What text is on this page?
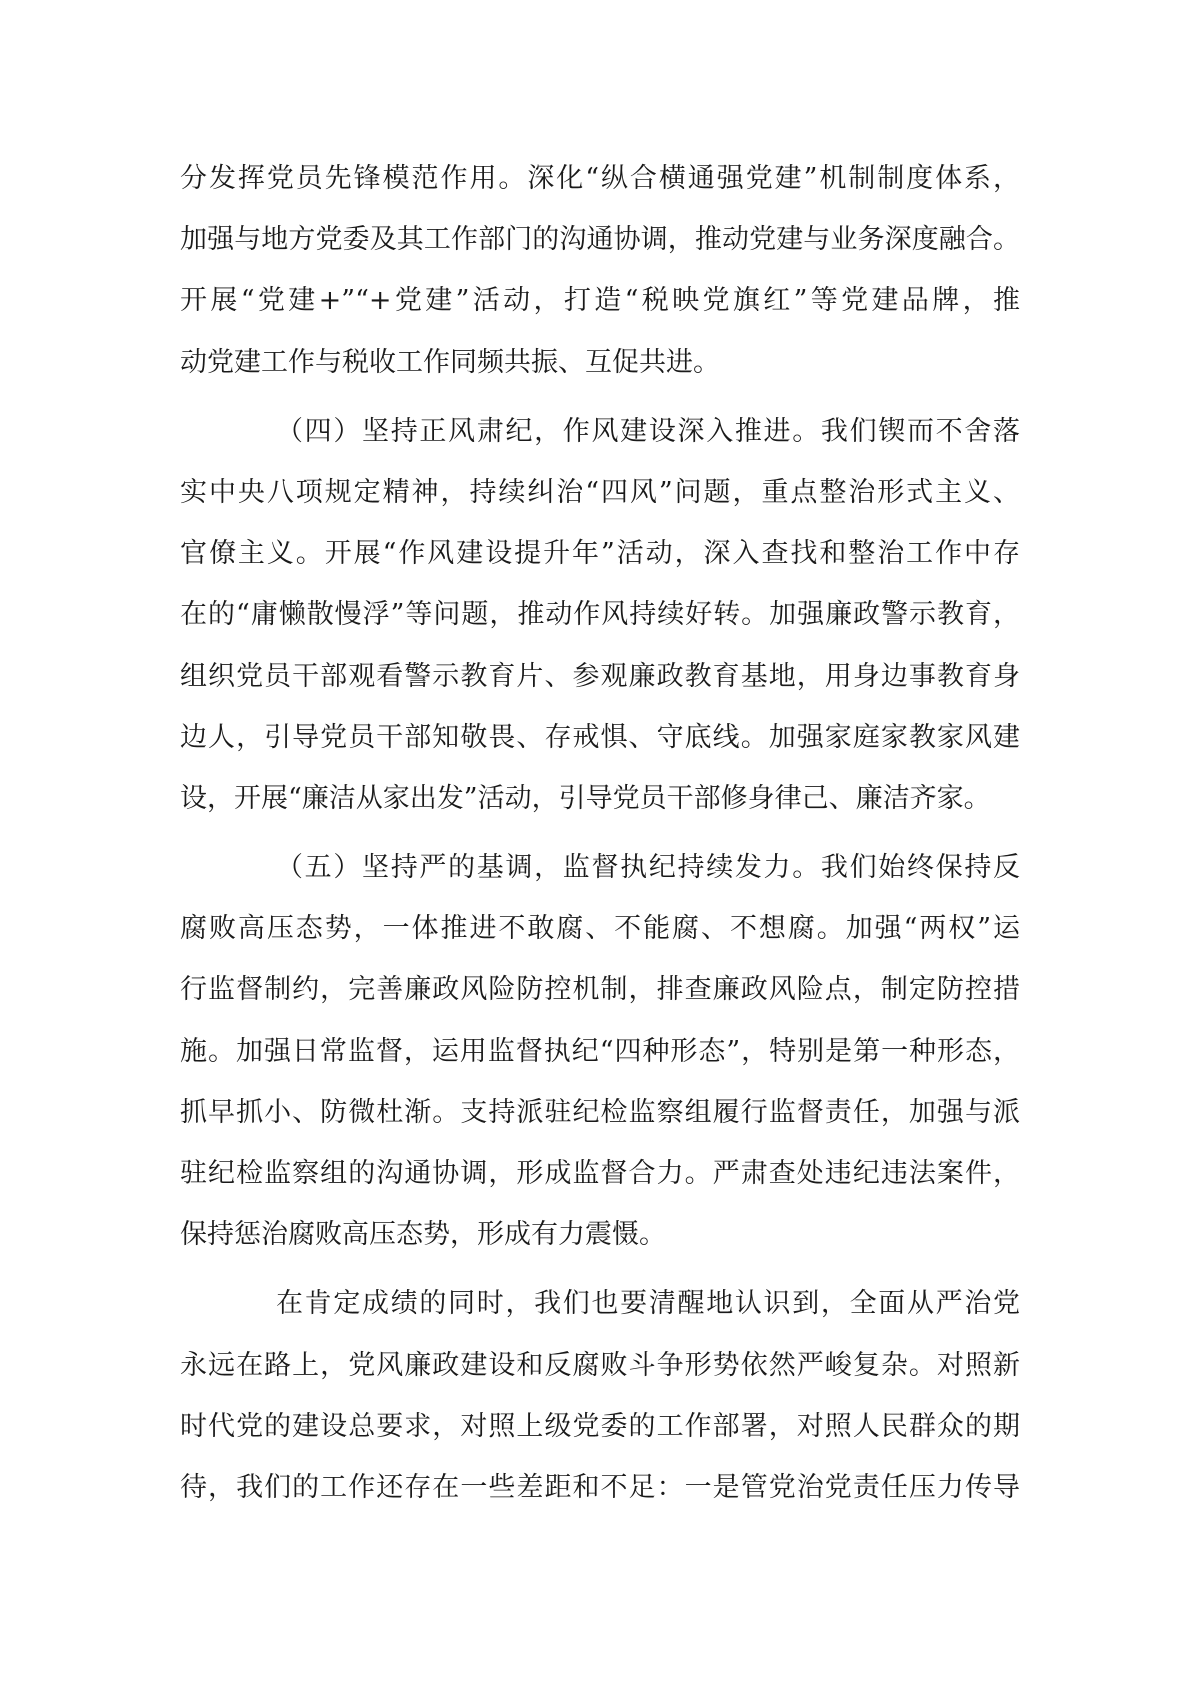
分发挥党员先锋模范作用。深化“纵合横通强党建”机制制度体系，
加强与地方党委及其工作部门的沟通协调，推动党建与业务深度融合。
开展“党建+”“+党建”活动，打造“税映党旗红”等党建品牌，推
动党建工作与税收工作同频共振、互促共进。
（四）坚持正风肃纪，作风建设深入推进。我们锲而不舍落
实中央八项规定精神，持续纠治“四风”问题，重点整治形式主义、
官僚主义。开展“作风建设提升年”活动，深入查找和整治工作中存
在的“庸懒散慢浮”等问题，推动作风持续好转。加强廉政警示教育，
组织党员干部观看警示教育片、参观廉政教育基地，用身边事教育身
边人，引导党员干部知敬畏、存戒惧、守底线。加强家庭家教家风建
设，开展“廉洁从家出发”活动，引导党员干部修身律己、廉洁齐家。
（五）坚持严的基调，监督执纪持续发力。我们始终保持反
腐败高压态势，一体推进不敢腐、不能腐、不想腐。加强“两权”运
行监督制约，完善廉政风险防控机制，排查廉政风险点，制定防控措
施。加强日常监督，运用监督执纪“四种形态”，特别是第一种形态，
抓早抓小、防微杜渐。支持派驻纪检监察组履行监督责任，加强与派
驻纪检监察组的沟通协调，形成监督合力。严肃查处违纪违法案件，
保持惩治腐败高压态势，形成有力震慑。
在肯定成绩的同时，我们也要清醒地认识到，全面从严治党
永远在路上，党风廉政建设和反腐败斗争形势依然严峻复杂。对照新
时代党的建设总要求，对照上级党委的工作部署，对照人民群众的期
待，我们的工作还存在一些差距和不足：一是管党治党责任压力传导
